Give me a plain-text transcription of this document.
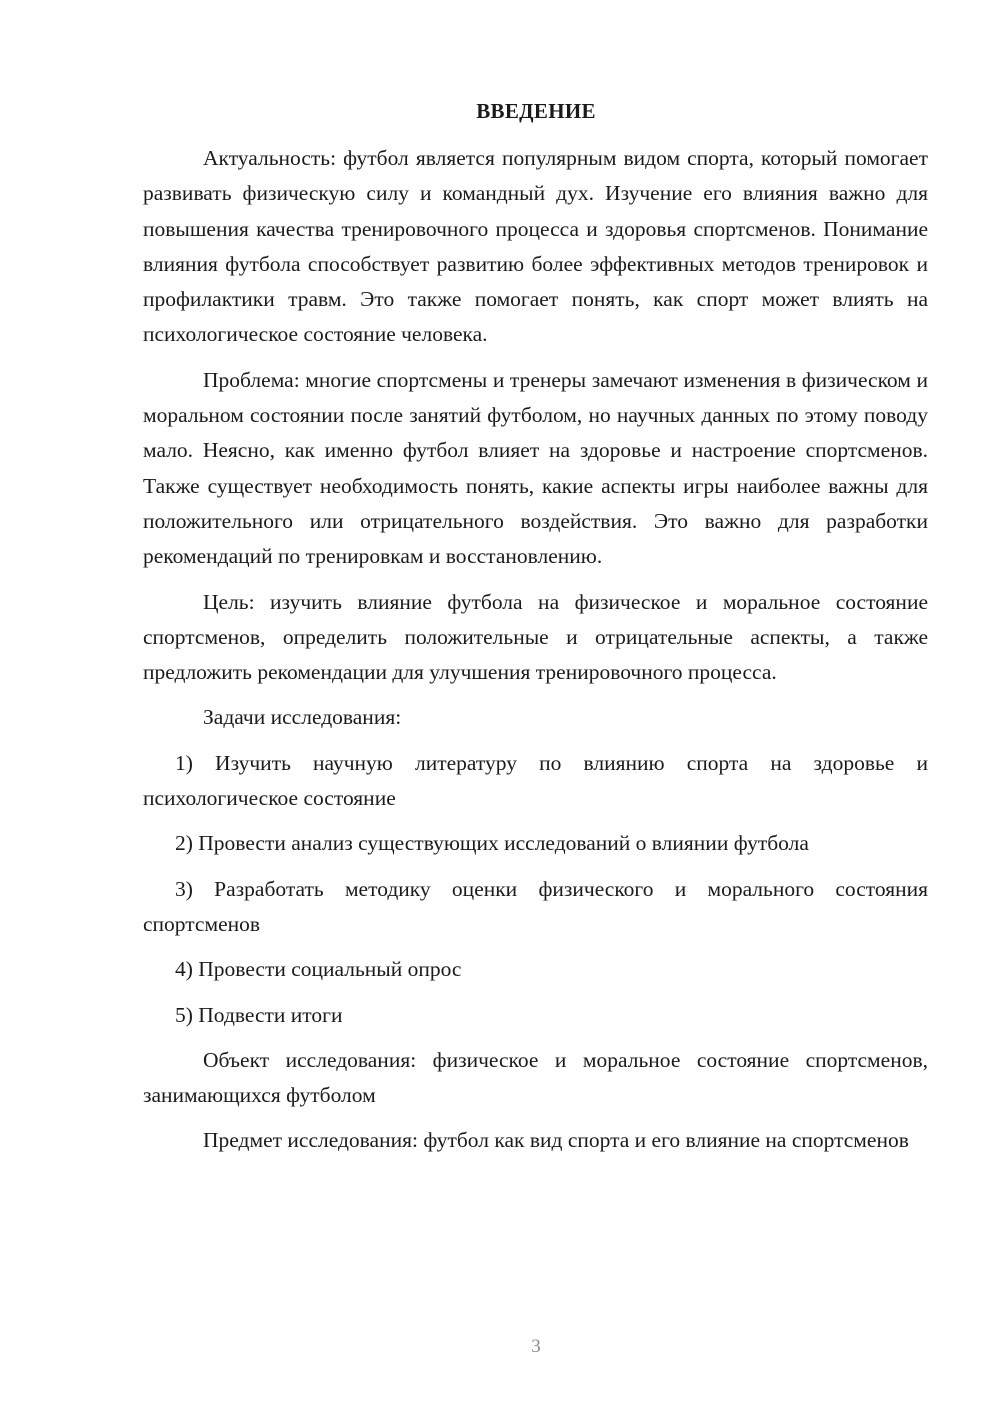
ВВЕДЕНИЕ

Актуальность: футбол является популярным видом спорта, который помогает развивать физическую силу и командный дух. Изучение его влияния важно для повышения качества тренировочного процесса и здоровья спортсменов. Понимание влияния футбола способствует развитию более эффективных методов тренировок и профилактики травм. Это также помогает понять, как спорт может влиять на психологическое состояние человека.

Проблема: многие спортсмены и тренеры замечают изменения в физическом и моральном состоянии после занятий футболом, но научных данных по этому поводу мало. Неясно, как именно футбол влияет на здоровье и настроение спортсменов. Также существует необходимость понять, какие аспекты игры наиболее важны для положительного или отрицательного воздействия. Это важно для разработки рекомендаций по тренировкам и восстановлению.

Цель: изучить влияние футбола на физическое и моральное состояние спортсменов, определить положительные и отрицательные аспекты, а также предложить рекомендации для улучшения тренировочного процесса.

Задачи исследования:

1) Изучить научную литературу по влиянию спорта на здоровье и психологическое состояние

2) Провести анализ существующих исследований о влиянии футбола

3) Разработать методику оценки физического и морального состояния спортсменов

4) Провести социальный опрос

5) Подвести итоги

Объект исследования: физическое и моральное состояние спортсменов, занимающихся футболом

Предмет исследования: футбол как вид спорта и его влияние на спортсменов

3
